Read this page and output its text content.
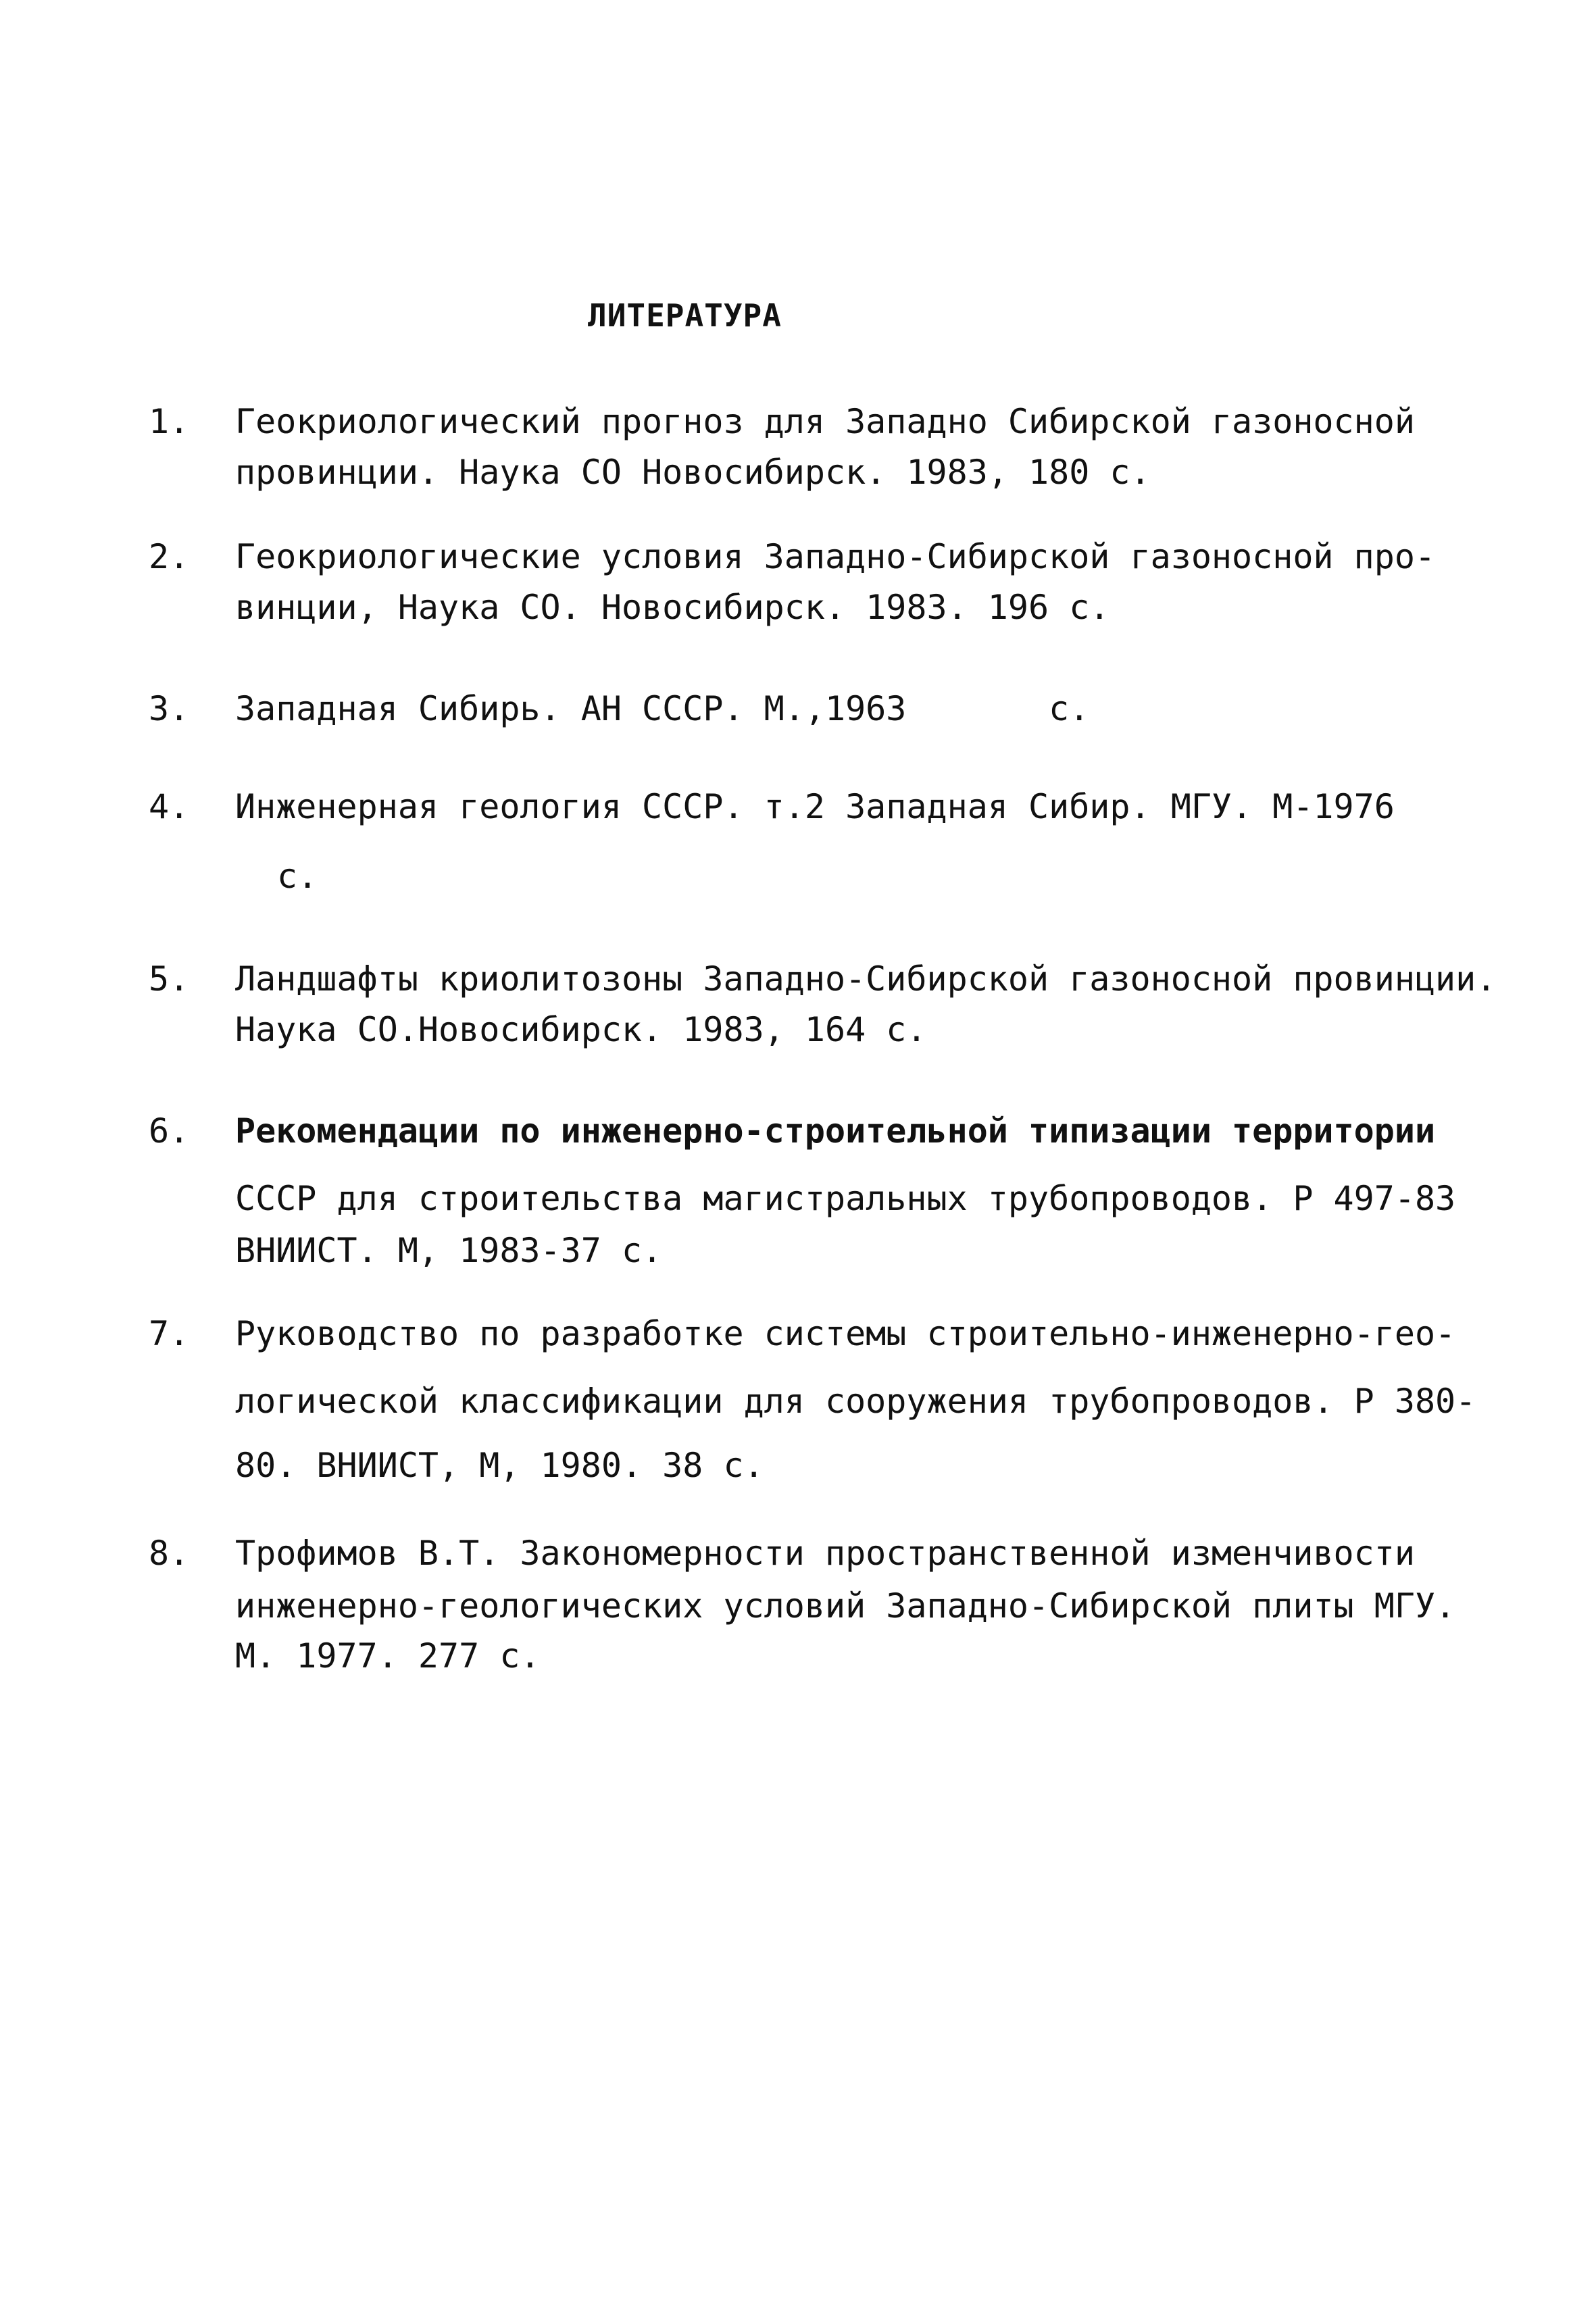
ЛИТЕРАТУРА
1. Геокриологический прогноз для Западно Сибирской газоносной
провинции. Наука СО Новосибирск. 1983, 180 с.
2. Геокриологические условия Западно-Сибирской газоносной про-
винции, Наука СО. Новосибирск. 1983. 196 с.
3. Западная Сибирь. АН СССР. М.,1963       с.
4. Инженерная геология СССР. т.2 Западная Сибир. МГУ. М-1976
с.
5. Ландшафты криолитозоны Западно-Сибирской газоносной провинции.
Наука СО.Новосибирск. 1983, 164 с.
6. Рекомендации по инженерно-строительной типизации территории
СССР для строительства магистральных трубопроводов. Р 497-83
ВНИИСТ. М, 1983-37 с.
7. Руководство по разработке системы строительно-инженерно-гео-
логической классификации для сооружения трубопроводов. Р 380-
80. ВНИИСТ, М, 1980. 38 с.
8. Трофимов В.Т. Закономерности пространственной изменчивости
инженерно-геологических условий Западно-Сибирской плиты МГУ.
М. 1977. 277 с.
